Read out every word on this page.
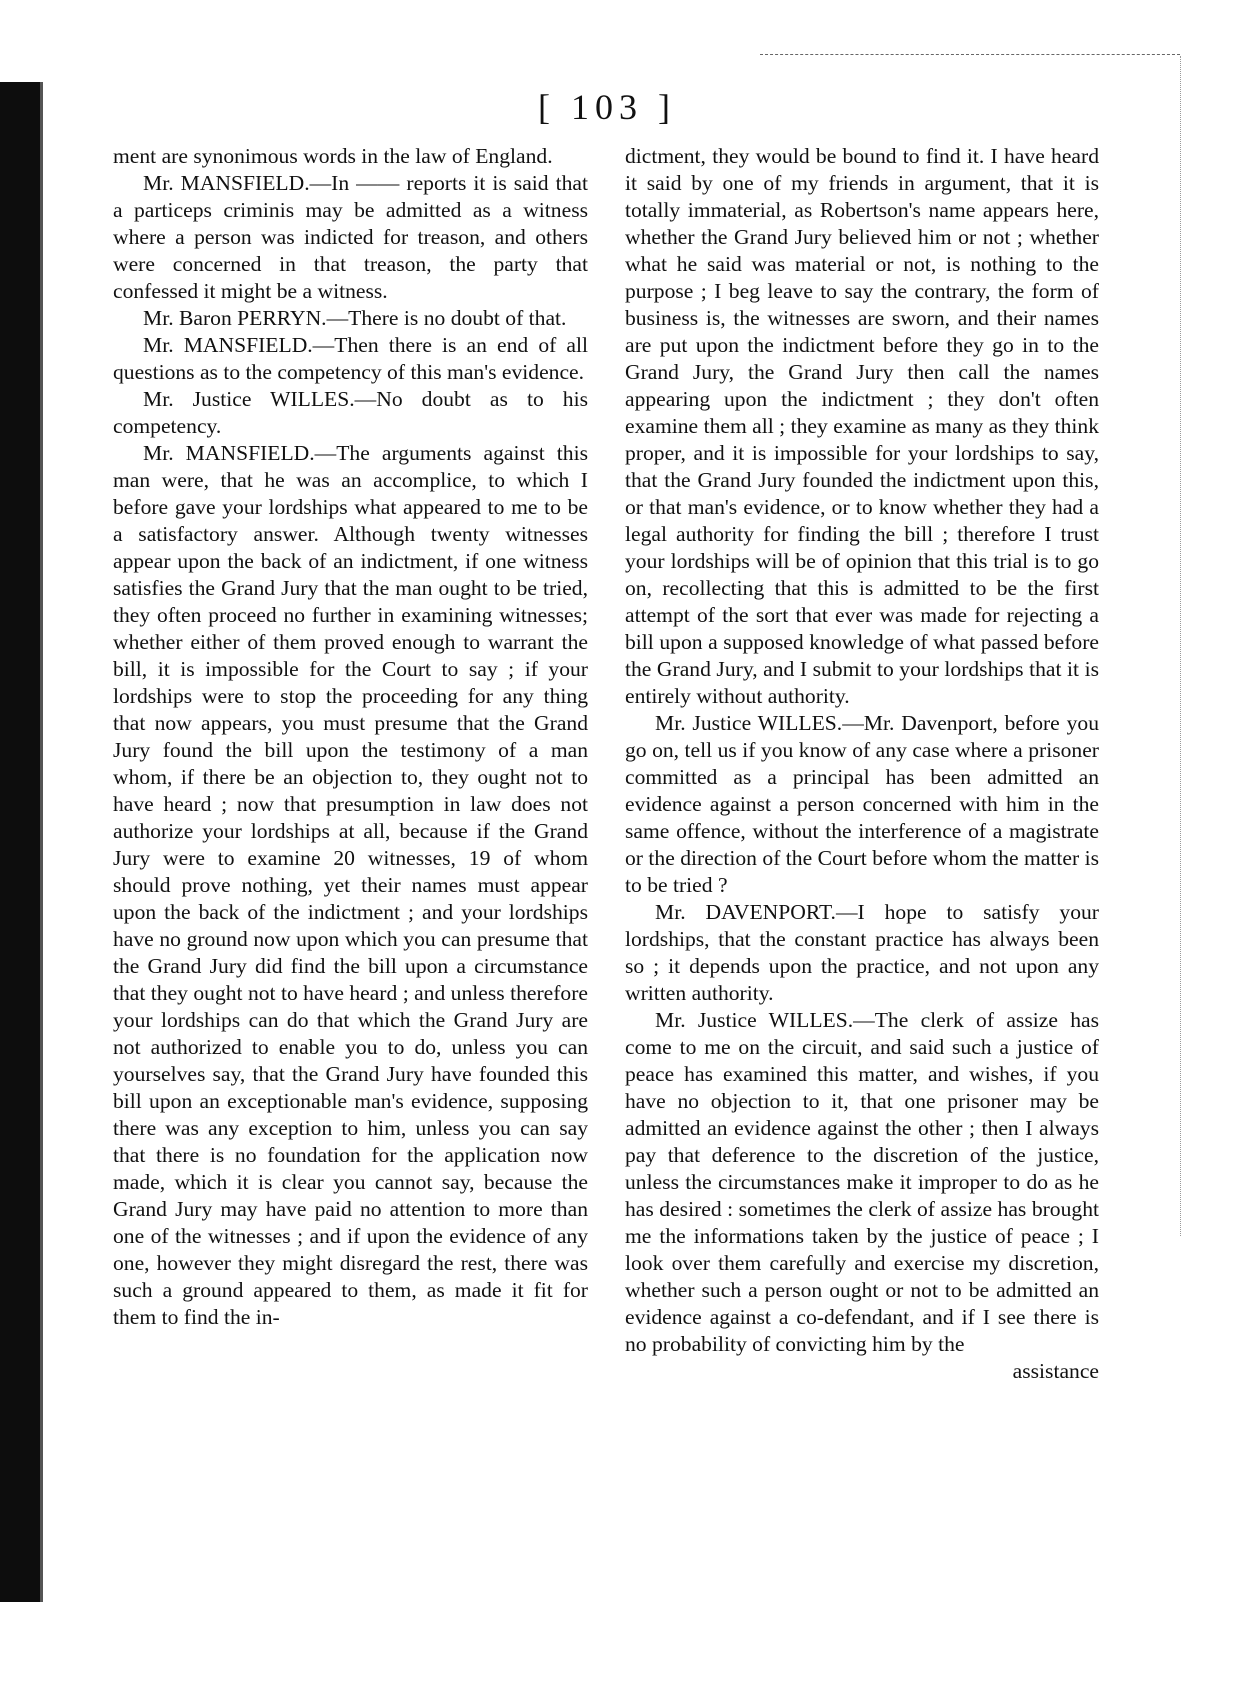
[ 103 ]

ment are synonimous words in the law of England.

Mr. MANSFIELD.—In —— reports it is said that a particeps criminis may be admitted as a witness where a person was indicted for treason, and others were concerned in that treason, the party that confessed it might be a witness.

Mr. Baron PERRYN.—There is no doubt of that.

Mr. MANSFIELD.—Then there is an end of all questions as to the competency of this man's evidence.

Mr. Justice WILLES.—No doubt as to his competency.

Mr. MANSFIELD.—The arguments against this man were, that he was an accomplice, to which I before gave your lordships what appeared to me to be a satisfactory answer. Although twenty witnesses appear upon the back of an indictment, if one witness satisfies the Grand Jury that the man ought to be tried, they often proceed no further in examining witnesses; whether either of them proved enough to warrant the bill, it is impossible for the Court to say ; if your lordships were to stop the proceeding for any thing that now appears, you must presume that the Grand Jury found the bill upon the testimony of a man whom, if there be an objection to, they ought not to have heard ; now that presumption in law does not authorize your lordships at all, because if the Grand Jury were to examine 20 witnesses, 19 of whom should prove nothing, yet their names must appear upon the back of the indictment ; and your lordships have no ground now upon which you can presume that the Grand Jury did find the bill upon a circumstance that they ought not to have heard ; and unless therefore your lordships can do that which the Grand Jury are not authorized to enable you to do, unless you can yourselves say, that the Grand Jury have founded this bill upon an exceptionable man's evidence, supposing there was any exception to him, unless you can say that there is no foundation for the application now made, which it is clear you cannot say, because the Grand Jury may have paid no attention to more than one of the witnesses ; and if upon the evidence of any one, however they might disregard the rest, there was such a ground appeared to them, as made it fit for them to find the in-

dictment, they would be bound to find it. I have heard it said by one of my friends in argument, that it is totally immaterial, as Robertson's name appears here, whether the Grand Jury believed him or not ; whether what he said was material or not, is nothing to the purpose ; I beg leave to say the contrary, the form of business is, the witnesses are sworn, and their names are put upon the indictment before they go in to the Grand Jury, the Grand Jury then call the names appearing upon the indictment ; they don't often examine them all ; they examine as many as they think proper, and it is impossible for your lordships to say, that the Grand Jury founded the indictment upon this, or that man's evidence, or to know whether they had a legal authority for finding the bill ; therefore I trust your lordships will be of opinion that this trial is to go on, recollecting that this is admitted to be the first attempt of the sort that ever was made for rejecting a bill upon a supposed knowledge of what passed before the Grand Jury, and I submit to your lordships that it is entirely without authority.

Mr. Justice WILLES.—Mr. Davenport, before you go on, tell us if you know of any case where a prisoner committed as a principal has been admitted an evidence against a person concerned with him in the same offence, without the interference of a magistrate or the direction of the Court before whom the matter is to be tried ?

Mr. DAVENPORT.—I hope to satisfy your lordships, that the constant practice has always been so ; it depends upon the practice, and not upon any written authority.

Mr. Justice WILLES.—The clerk of assize has come to me on the circuit, and said such a justice of peace has examined this matter, and wishes, if you have no objection to it, that one prisoner may be admitted an evidence against the other ; then I always pay that deference to the discretion of the justice, unless the circumstances make it improper to do as he has desired : sometimes the clerk of assize has brought me the informations taken by the justice of peace ; I look over them carefully and exercise my discretion, whether such a person ought or not to be admitted an evidence against a co-defendant, and if I see there is no probability of convicting him by the

assistance
